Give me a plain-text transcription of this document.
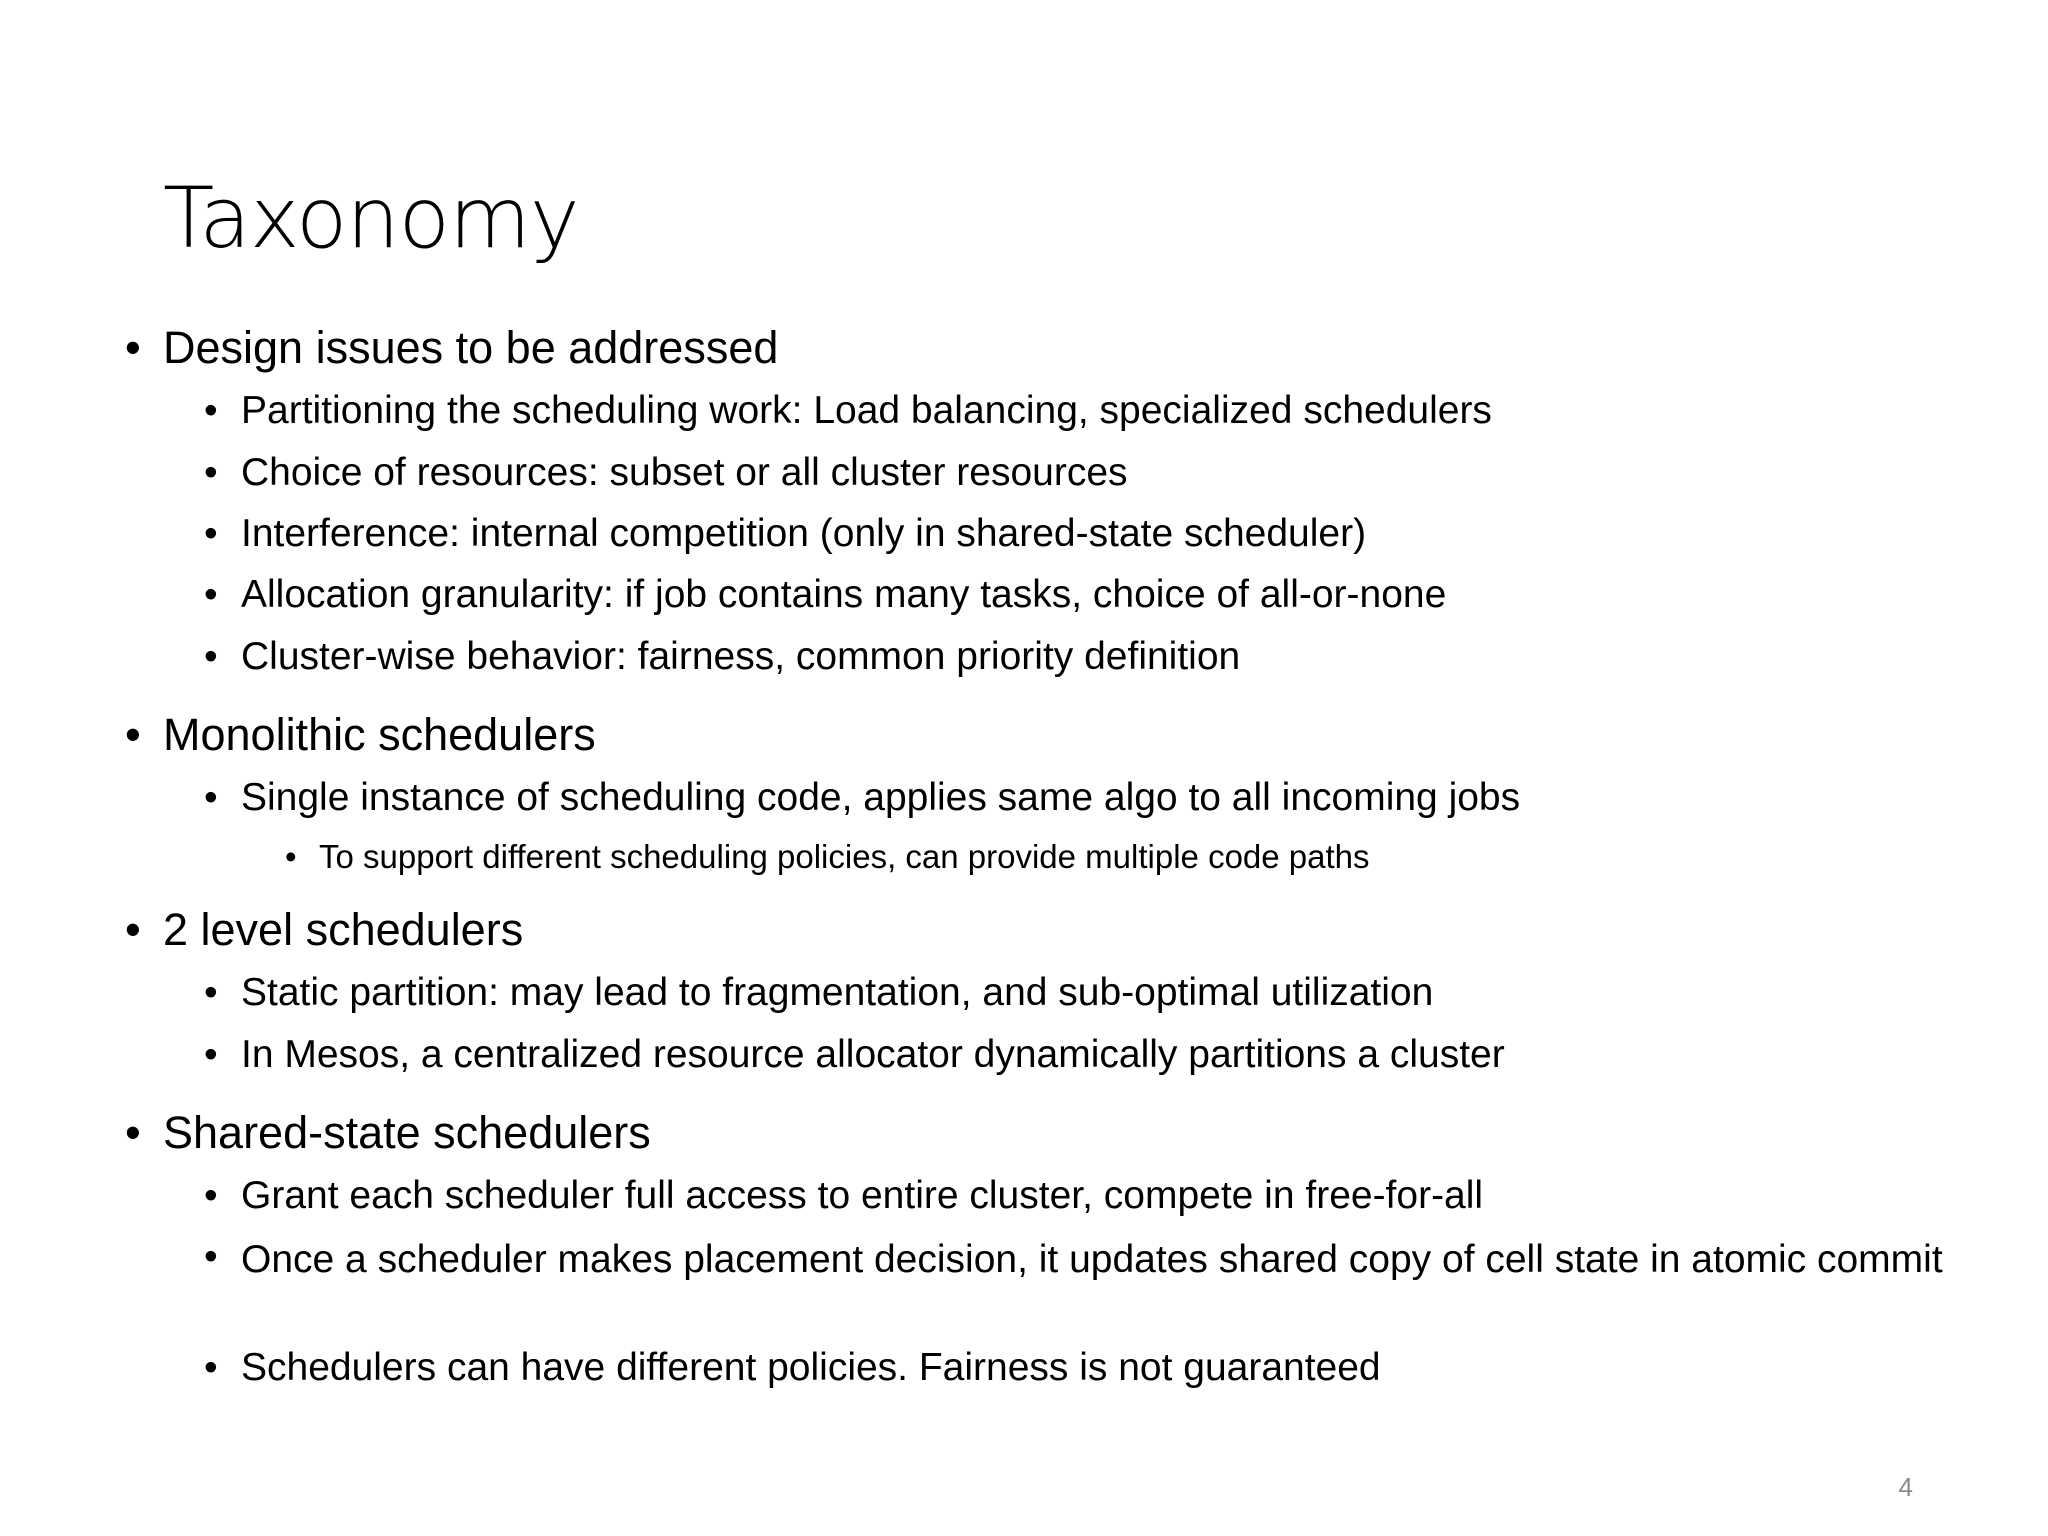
Taxonomy
• Design issues to be addressed
• Partitioning the scheduling work: Load balancing, specialized schedulers
• Choice of resources: subset or all cluster resources
• Interference: internal competition (only in shared-state scheduler)
• Allocation granularity: if job contains many tasks, choice of all-or-none
• Cluster-wise behavior: fairness, common priority definition
• Monolithic schedulers
• Single instance of scheduling code, applies same algo to all incoming jobs
• To support different scheduling policies, can provide multiple code paths
• 2 level schedulers
• Static partition: may lead to fragmentation, and sub-optimal utilization
• In Mesos, a centralized resource allocator dynamically partitions a cluster
• Shared-state schedulers
• Grant each scheduler full access to entire cluster, compete in free-for-all
• Once a scheduler makes placement decision, it updates shared copy of cell state in atomic commit
• Schedulers can have different policies. Fairness is not guaranteed
4
